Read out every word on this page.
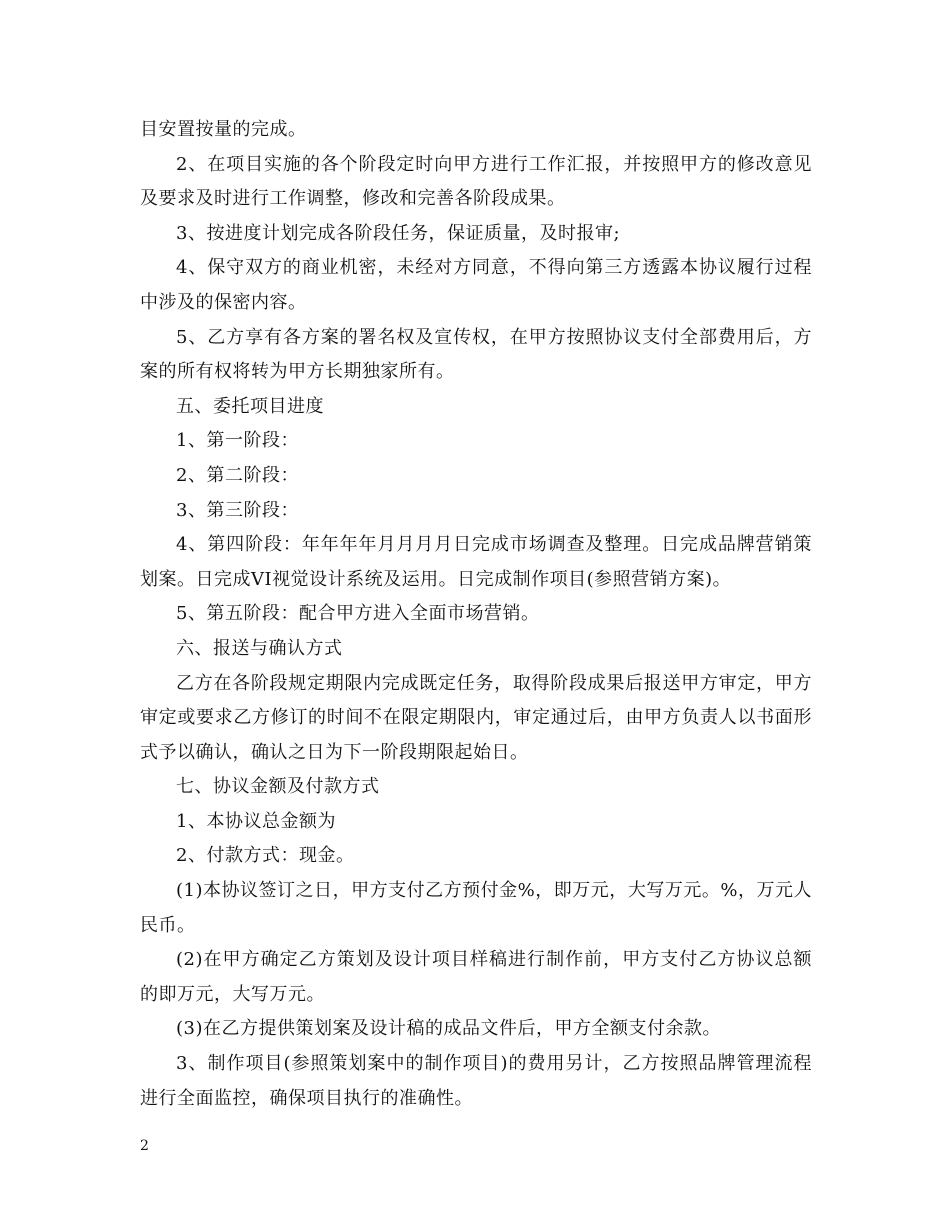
目安置按量的完成。

2、在项目实施的各个阶段定时向甲方进行工作汇报，并按照甲方的修改意见及要求及时进行工作调整，修改和完善各阶段成果。

3、按进度计划完成各阶段任务，保证质量，及时报审;

4、保守双方的商业机密，未经对方同意，不得向第三方透露本协议履行过程中涉及的保密内容。

5、乙方享有各方案的署名权及宣传权，在甲方按照协议支付全部费用后，方案的所有权将转为甲方长期独家所有。

五、委托项目进度

1、第一阶段：

2、第二阶段：

3、第三阶段：

4、第四阶段：年年年年月月月月日完成市场调查及整理。日完成品牌营销策划案。日完成VI视觉设计系统及运用。日完成制作项目(参照营销方案)。

5、第五阶段：配合甲方进入全面市场营销。

六、报送与确认方式

乙方在各阶段规定期限内完成既定任务，取得阶段成果后报送甲方审定，甲方审定或要求乙方修订的时间不在限定期限内，审定通过后，由甲方负责人以书面形式予以确认，确认之日为下一阶段期限起始日。

七、协议金额及付款方式

1、本协议总金额为

2、付款方式：现金。

(1)本协议签订之日，甲方支付乙方预付金%，即万元，大写万元。%，万元人民币。

(2)在甲方确定乙方策划及设计项目样稿进行制作前，甲方支付乙方协议总额的即万元，大写万元。

(3)在乙方提供策划案及设计稿的成品文件后，甲方全额支付余款。

3、制作项目(参照策划案中的制作项目)的费用另计，乙方按照品牌管理流程进行全面监控，确保项目执行的准确性。

2
